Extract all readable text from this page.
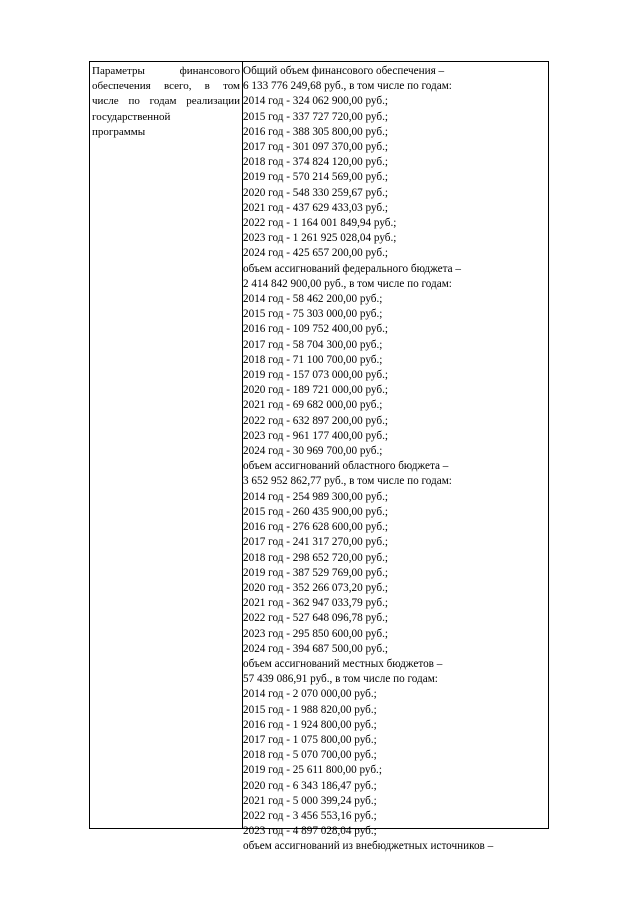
Параметры финансового
обеспечения всего, в том
числе по годам реализации
государственной
программы
Общий объем финансового обеспечения –
6 133 776 249,68 руб., в том числе по годам:
2014 год - 324 062 900,00 руб.;
2015 год - 337 727 720,00 руб.;
2016 год - 388 305 800,00 руб.;
2017 год - 301 097 370,00 руб.;
2018 год - 374 824 120,00 руб.;
2019 год - 570 214 569,00 руб.;
2020 год - 548 330 259,67 руб.;
2021 год - 437 629 433,03 руб.;
2022 год - 1 164 001 849,94 руб.;
2023 год - 1 261 925 028,04 руб.;
2024 год - 425 657 200,00 руб.;
объем ассигнований федерального бюджета –
2 414 842 900,00 руб., в том числе по годам:
2014 год - 58 462 200,00 руб.;
2015 год - 75 303 000,00 руб.;
2016 год - 109 752 400,00 руб.;
2017 год - 58 704 300,00 руб.;
2018 год - 71 100 700,00 руб.;
2019 год - 157 073 000,00 руб.;
2020 год - 189 721 000,00 руб.;
2021 год - 69 682 000,00 руб.;
2022 год - 632 897 200,00 руб.;
2023 год - 961 177 400,00 руб.;
2024 год - 30 969 700,00 руб.;
объем ассигнований областного бюджета –
3 652 952 862,77 руб., в том числе по годам:
2014 год - 254 989 300,00 руб.;
2015 год - 260 435 900,00 руб.;
2016 год - 276 628 600,00 руб.;
2017 год - 241 317 270,00 руб.;
2018 год - 298 652 720,00 руб.;
2019 год - 387 529 769,00 руб.;
2020 год - 352 266 073,20 руб.;
2021 год - 362 947 033,79 руб.;
2022 год - 527 648 096,78 руб.;
2023 год - 295 850 600,00 руб.;
2024 год - 394 687 500,00 руб.;
объем ассигнований местных бюджетов –
57 439 086,91 руб., в том числе по годам:
2014 год - 2 070 000,00 руб.;
2015 год - 1 988 820,00 руб.;
2016 год - 1 924 800,00 руб.;
2017 год - 1 075 800,00 руб.;
2018 год - 5 070 700,00 руб.;
2019 год - 25 611 800,00 руб.;
2020 год - 6 343 186,47 руб.;
2021 год - 5 000 399,24 руб.;
2022 год - 3 456 553,16 руб.;
2023 год - 4 897 028,04 руб.;
объем ассигнований из внебюджетных источников –
